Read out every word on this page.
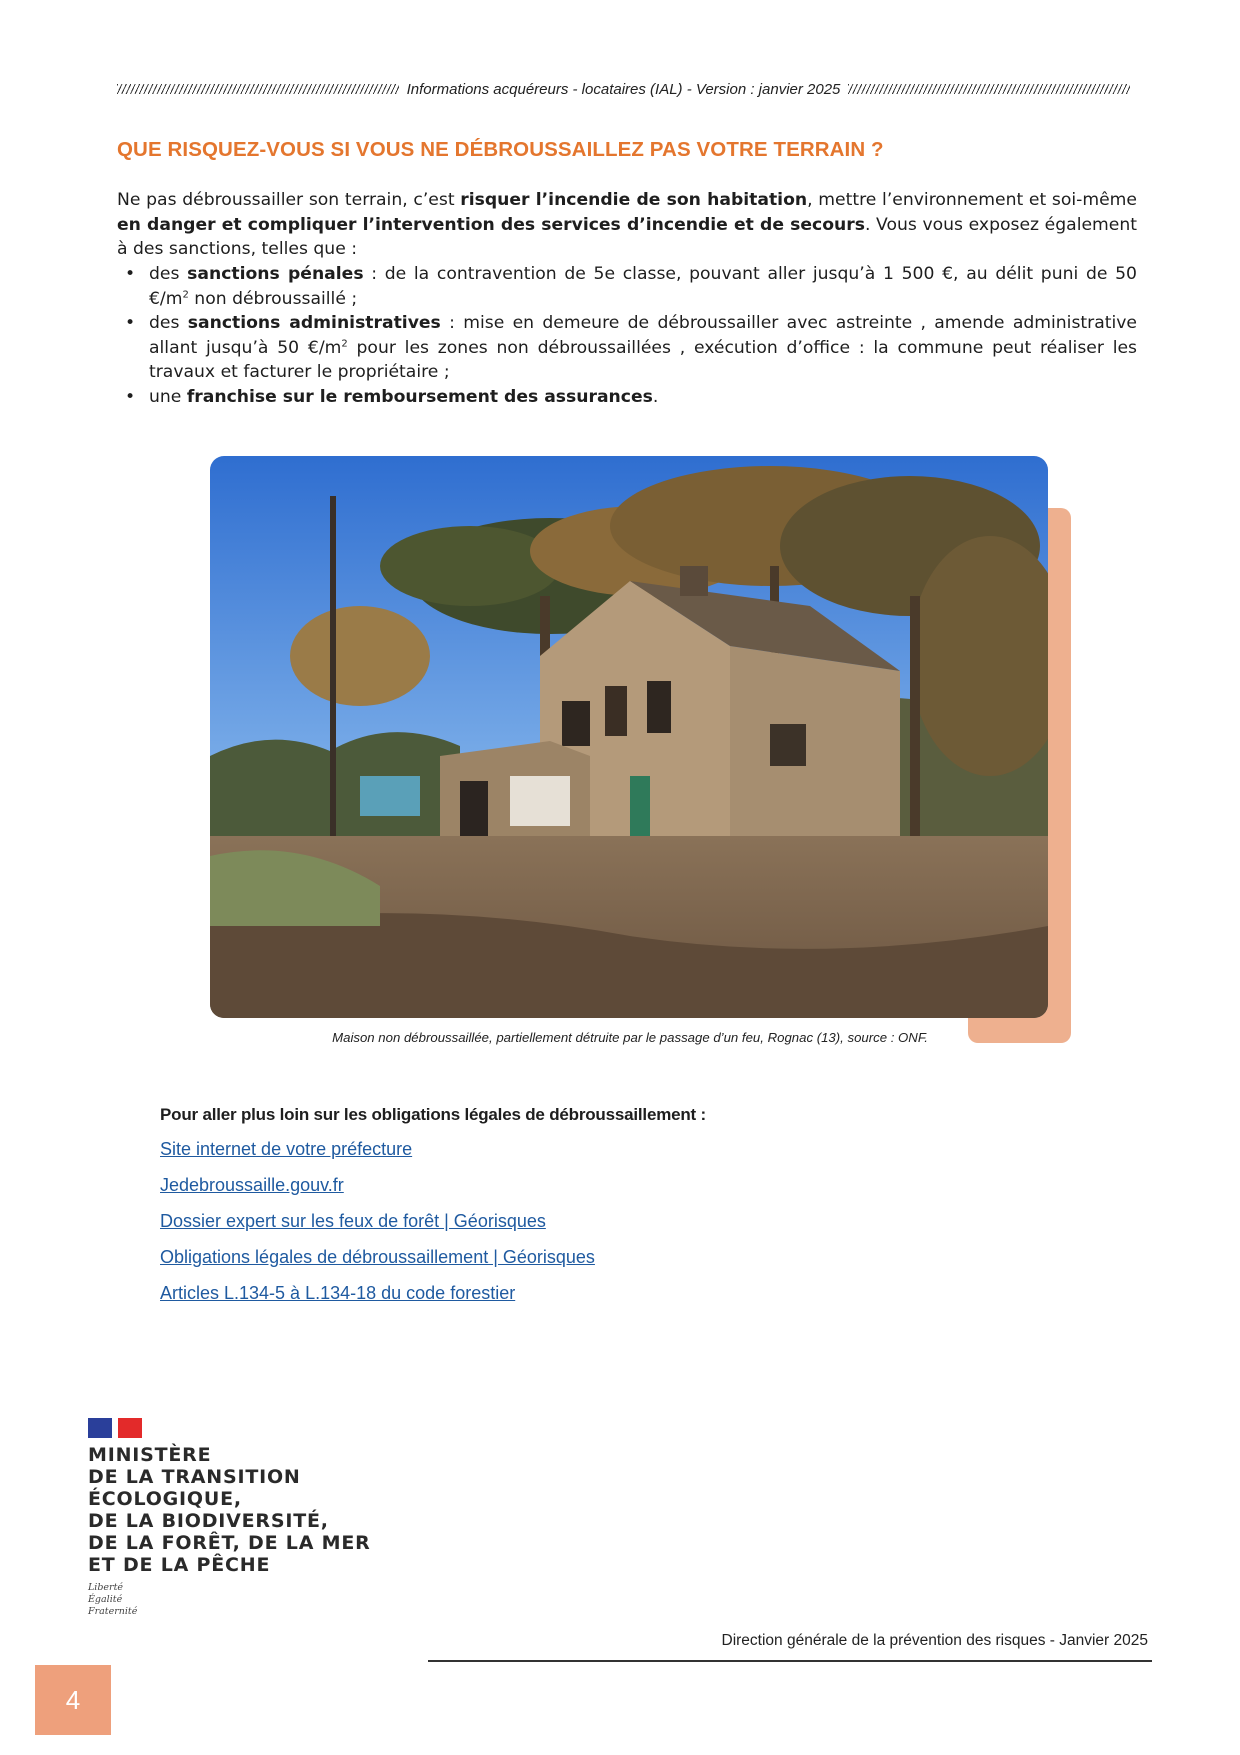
Informations acquéreurs - locataires (IAL) - Version : janvier 2025
QUE RISQUEZ-VOUS SI VOUS NE DÉBROUSSAILLEZ PAS VOTRE TERRAIN ?

Ne pas débroussailler son terrain, c’est risquer l’incendie de son habitation, mettre l’environnement et soi-même en danger et compliquer l’intervention des services d’incendie et de secours. Vous vous exposez également à des sanctions, telles que :

• des sanctions pénales : de la contravention de 5e classe, pouvant aller jusqu’à 1 500 €, au délit puni de 50 $€/m^2$ non débroussaillé ;
• des sanctions administratives : mise en demeure de débroussailler avec astreinte , amende administrative allant jusqu’à 50 $€/m^2$ pour les zones non débroussaillées , exécution d’office : la commune peut réaliser les travaux et facturer le propriétaire ;
• une franchise sur le remboursement des assurances.
Maison non débroussaillée, partiellement détruite par le passage d’un feu, Rognac (13), source : ONF.

Pour aller plus loin sur les obligations légales de débroussaillement :

Site internet de votre préfecture
Jedebroussaille.gouv.fr
Dossier expert sur les feux de forêt | Géorisques
Obligations légales de débroussaillement | Géorisques
Articles L.134-5 à L.134-18 du code forestier

MINISTÈRE

DE LA TRANSITION

ÉCOLOGIQUE,

DE LA BIODIVERSITÉ,

DE LA FORÊT, DE LA MER

ET DE LA PÊCHE

Liberté
Égalité
Fraternité
Direction générale de la prévention des risques - Janvier 2025
4
